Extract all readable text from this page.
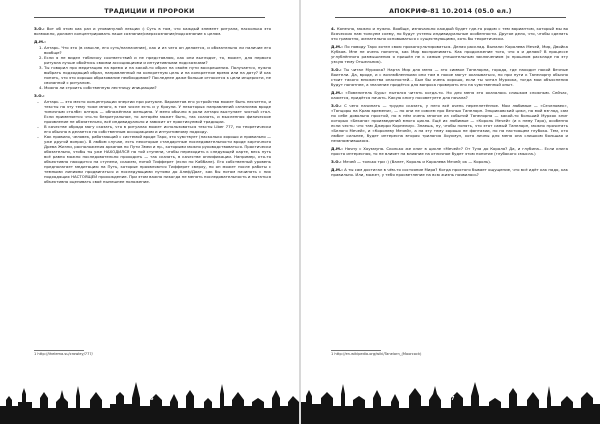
ТРАДИЦИИ И ПРОРОКИ

З.О.: Вот об этом как раз и упоминулой лекции :) Суть в том, что каждый элемент ритуала, насколько это возможно, должен концентрировать наше сознание/сверхсознание/подсознание к целям.

Д.М.:
1. Алтарь. Что это (в смысле, его суть/назначение), как и из чего он делается, и обязательно ли наличие его вообще?
2. Если я не видел табличку соответствий и не представляю, как они выглядят, то, может, для первого ритуала лучше обойтись своими ассоциациями и интуитивными подсказками?
3. Ты говорил про медитацию на время и на какой-то образ на своём пути воскрешения. Получается, нужно выбрать подходящий образ, направленный на конкретную цель и на конкретное время или на дату? И как понять, что это хорошо образование необходимое? Последнее даже больше относится к цели инцеристи, не связанной с ритуалом.
4. Можно ли строить собственную лестницу инициации?
З.О.:
– Алтарь — это место концентрации энергии при ритуале. Вариантов его устройства может быть несчетно, и тексты на эту тему тоже много, в том числе есть и у Кроули. У некоторых направлений сатанизма вроде типичным столбе: алтарь — обнажённая женщина. У меня обычно в роли алтаря выступает чистый стол. Если применяется что-то безритуальное, то алтарём может быть, так сказать, и мысленная физическое проявление не обязательно, всё индивидуально и зависит от практикуемой традиции.
– В качестве обряда могу сказать, что в ритуалах может использоваться тексты Liber 777, но теоретически его обычно в делается по собственным ассоциациям и интуитивному подходу.
– Как правило, человек, работающий с системой вроде Таро, это чувствует (насколько хорошо и правильно — уже другой вопрос). В любом случае, есть некоторые стандартные последовательности вроде карточного Древа Жизни, расположения арканов по Пути Змеи и пр., которыми можно руководствоваться. Практически обязательно, чтобы ты уже НАХОДИЛСЯ на той ступени, чтобы переходить к следующей карте, весь путь всё равно можно последовательно проходить — так сказать, в качестве онлификации. Например, кто-то объективно находится на ступени, скажем, пятой Тифферет (если по Каббале). Его собственный уровень предполагает медитацию на Путь, которые проявляются Тифферет сверху, но он может после работы с темными линиями продвигаться и последующими путями до Алеф/Даат, как бы потом начинать с них подходящих НАСТОЯЩЕЙ прохождение. При этом важно никогда не менять последовательность и пытаться объективно оценивать своё нынешнее положение.
1 http://thelema.su/crowley/777/
56
АПОКРИФ-81 10.2014 (05.0 ел.)

4. Конечно, можно и нужно. Вообще, изначально каждый будет где-то рядом с тем вариантом, который мы во Всяческих нам толкуем схему, но будут учтены индивидуальные особенности. Другое дело, что, чтобы сделать это грамотно, желательно основываться с существующими, хоть бы теоретически.

Д.М.: По поводу Таро хотел свою проконсультироваться. Делая расклад. Выпали: Королева Мечей, Мир, Двойка Кубков. Мне не очень понятно, как Мир воспринимать. Как продолжение того, что я и делаю? В процессе углублённого размышления я пришёл не к самым утешительным заключениям (я прошлом раскладе на эту узкую тему Отшельник).

З.О.: Ты читал Мурхока? Нарта Мир для меня — это символ Танелорна, города, где находит покой Вечные Воители. Да, вроде, и с возлюбленными они там в покое могут оказываться, но при пути к Танелорну обычно стоит такого множества опасностей... Был бы очень хорошо, если ты читал Мурхока, тогда мои объяснения будут понятнее, а значение придётся для вопроса проверять его на чувственный опыт.

Д.М.: «Повелитель Бурь» пытался читать когда-то. Но для меня это оказалось слишком сложным. Сейчас, кажется, придётся начать. Какую книгу посоветуете для начала?

З.О.: С чего начинать — трудно сказать, у него всё очень переплетённое. Мои любимые — «Сечеловек», «Танцоры на Краю времени», — но они не совсем про Вечных Танелорн. Эльриковский цикл, на мой взгляд, сам по себе довольно простой, но в нём очень многое из событий Танелорна — какой-то больший Мурхок книг которых «Бекана» произведений много цикла. Ещё их любимые — «Король Мечей» (и к нему Таро), особенно если честь: что там Джерри Корнелиус. Знаешь, ну, чтобы понять, что этот самый Танелорн, можно прочитать «Белого Мечей», и «Королеву Мечей», а на эту тему хорошо не фантазии, но на настоящем глубоко. Тем, кто любит сильнее, будет интересна вторая трилогия Хоукмун, хотя личны для меня она слишком большая и незапомнившаяся.

Д.М.: Начну с Хоукмуна. Сколько же книг в цикле «Мечей»? От Туза до Короля? Да, и глубина... Если книга просто интересная, то не влияет на влияние на отличное будет этом понятие (глубокого смысла.)

З.О.: Мечей — только три :) (Валет, Король и Королева Мечей; ок — Король).

Д.М.: А ты сам достигал в чём-то состояние Мира? Когда простого бывает ощущение, что всё идёт как надо, как правильно. Или, может, у тебя просветление на всю жизнь появилось?

1 http://en.wikipedia.org/wiki/Tanelorn_(Moorcock)
57
